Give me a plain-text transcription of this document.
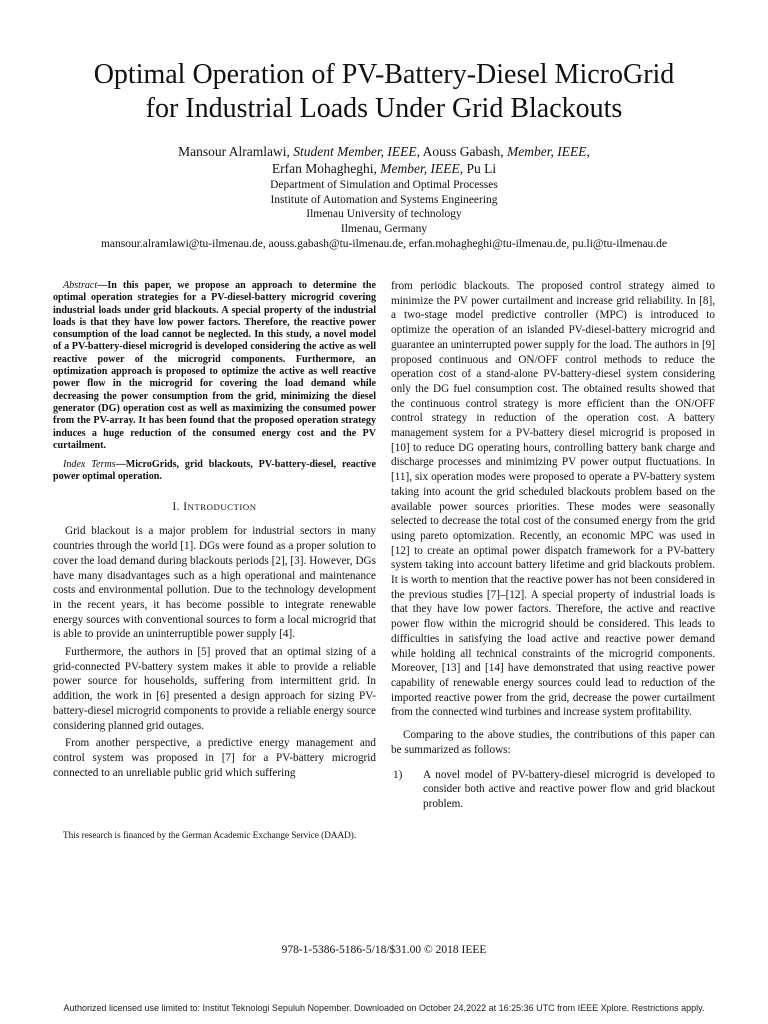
Optimal Operation of PV-Battery-Diesel MicroGrid
for Industrial Loads Under Grid Blackouts
Mansour Alramlawi, Student Member, IEEE, Aouss Gabash, Member, IEEE,
Erfan Mohagheghi, Member, IEEE, Pu Li
Department of Simulation and Optimal Processes
Institute of Automation and Systems Engineering
Ilmenau University of technology
Ilmenau, Germany
mansour.alramlawi@tu-ilmenau.de, aouss.gabash@tu-ilmenau.de, erfan.mohagheghi@tu-ilmenau.de, pu.li@tu-ilmenau.de

Abstract—In this paper, we propose an approach to determine the optimal operation strategies for a PV-diesel-battery microgrid covering industrial loads under grid blackouts. A special property of the industrial loads is that they have low power factors. Therefore, the reactive power consumption of the load cannot be neglected. In this study, a novel model of a PV-battery-diesel microgrid is developed considering the active as well reactive power of the microgrid components. Furthermore, an optimization approach is proposed to optimize the active as well reactive power flow in the microgrid for covering the load demand while decreasing the power consumption from the grid, minimizing the diesel generator (DG) operation cost as well as maximizing the consumed power from the PV-array. It has been found that the proposed operation strategy induces a huge reduction of the consumed energy cost and the PV curtailment.

Index Terms—MicroGrids, grid blackouts, PV-battery-diesel, reactive power optimal operation.

I. INTRODUCTION

Grid blackout is a major problem for industrial sectors in many countries through the world [1]. DGs were found as a proper solution to cover the load demand during blackouts periods [2], [3]. However, DGs have many disadvantages such as a high operational and maintenance costs and environmental pollution. Due to the technology development in the recent years, it has become possible to integrate renewable energy sources with conventional sources to form a local microgrid that is able to provide an uninterruptible power supply [4].

Furthermore, the authors in [5] proved that an optimal sizing of a grid-connected PV-battery system makes it able to provide a reliable power source for households, suffering from intermittent grid. In addition, the work in [6] presented a design approach for sizing PV-battery-diesel microgrid components to provide a reliable energy source considering planned grid outages.

From another perspective, a predictive energy management and control system was proposed in [7] for a PV-battery microgrid connected to an unreliable public grid which suffering

This research is financed by the German Academic Exchange Service (DAAD).

from periodic blackouts. The proposed control strategy aimed to minimize the PV power curtailment and increase grid reliability. In [8], a two-stage model predictive controller (MPC) is introduced to optimize the operation of an islanded PV-diesel-battery microgrid and guarantee an uninterrupted power supply for the load. The authors in [9] proposed continuous and ON/OFF control methods to reduce the operation cost of a stand-alone PV-battery-diesel system considering only the DG fuel consumption cost. The obtained results showed that the continuous control strategy is more efficient than the ON/OFF control strategy in reduction of the operation cost. A battery management system for a PV-battery diesel microgrid is proposed in [10] to reduce DG operating hours, controlling battery bank charge and discharge processes and minimizing PV power output fluctuations. In [11], six operation modes were proposed to operate a PV-battery system taking into acount the grid scheduled blackouts problem based on the available power sources priorities. These modes were seasonally selected to decrease the total cost of the consumed energy from the grid using pareto optomization. Recently, an economic MPC was used in [12] to create an optimal power dispatch framework for a PV-battery system taking into account battery lifetime and grid blackouts problem. It is worth to mention that the reactive power has not been considered in the previous studies [7]–[12]. A special property of industrial loads is that they have low power factors. Therefore, the active and reactive power flow within the microgrid should be considered. This leads to difficulties in satisfying the load active and reactive power demand while holding all technical constraints of the microgrid components. Moreover, [13] and [14] have demonstrated that using reactive power capability of renewable energy sources could lead to reduction of the imported reactive power from the grid, decrease the power curtailment from the connected wind turbines and increase system profitability.

Comparing to the above studies, the contributions of this paper can be summarized as follows:

1)	A novel model of PV-battery-diesel microgrid is developed to consider both active and reactive power flow and grid blackout problem.
978-1-5386-5186-5/18/$31.00 © 2018 IEEE
Authorized licensed use limited to: Institut Teknologi Sepuluh Nopember. Downloaded on October 24,2022 at 16:25:36 UTC from IEEE Xplore. Restrictions apply.
